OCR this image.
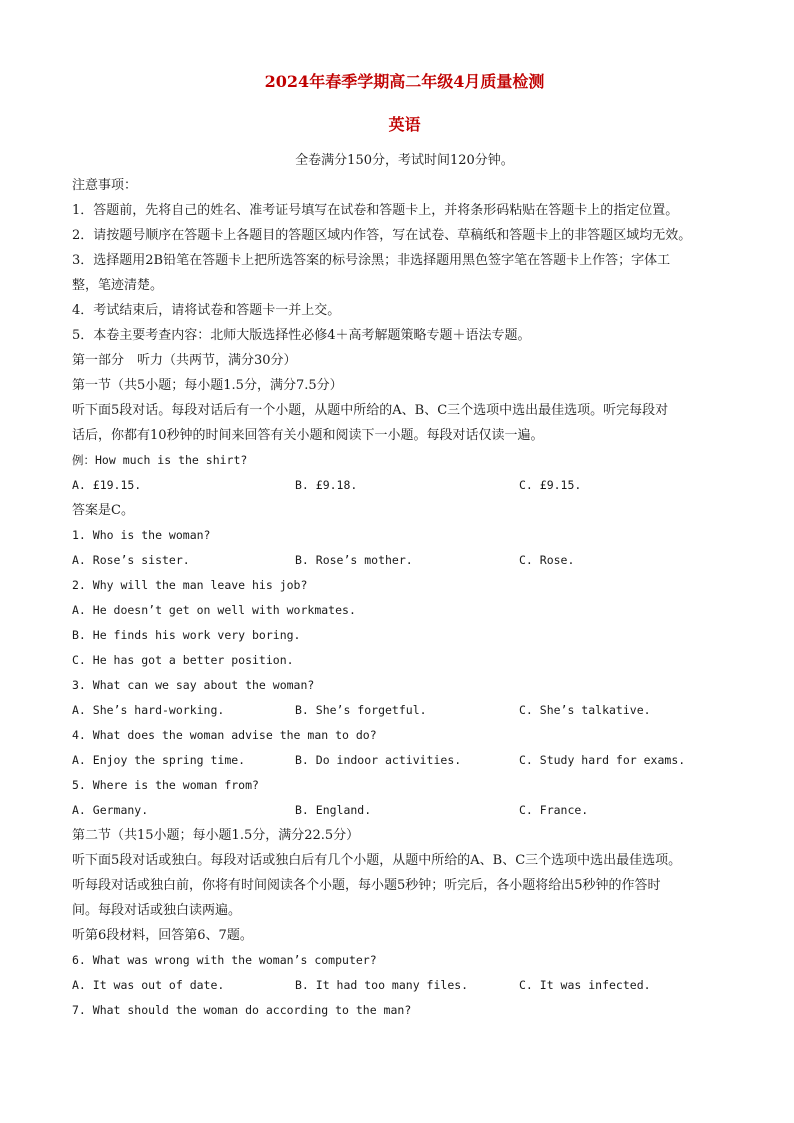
2024年春季学期高二年级4月质量检测
英语
全卷满分150分，考试时间120分钟。
注意事项：
1．答题前，先将自己的姓名、准考证号填写在试卷和答题卡上，并将条形码粘贴在答题卡上的指定位置。
2．请按题号顺序在答题卡上各题目的答题区域内作答，写在试卷、草稿纸和答题卡上的非答题区域均无效。
3．选择题用2B铅笔在答题卡上把所选答案的标号涂黑；非选择题用黑色签字笔在答题卡上作答；字体工
整，笔迹清楚。
4．考试结束后，请将试卷和答题卡一并上交。
5．本卷主要考查内容：北师大版选择性必修4＋高考解题策略专题＋语法专题。
第一部分　听力（共两节，满分30分）
第一节（共5小题；每小题1.5分，满分7.5分）
听下面5段对话。每段对话后有一个小题，从题中所给的A、B、C三个选项中选出最佳选项。听完每段对
话后，你都有10秒钟的时间来回答有关小题和阅读下一小题。每段对话仅读一遍。
例：How much is the shirt?
A. £19.15.	B. £9.18.	C. £9.15.
答案是C。
1. Who is the woman?
A. Rose’s sister.	B. Rose’s mother.	C. Rose.
2. Why will the man leave his job?
A. He doesn’t get on well with workmates.
B. He finds his work very boring.
C. He has got a better position.
3. What can we say about the woman?
A. She’s hard-working.	B. She’s forgetful.	C. She’s talkative.
4. What does the woman advise the man to do?
A. Enjoy the spring time.	B. Do indoor activities.	C. Study hard for exams.
5. Where is the woman from?
A. Germany.	B. England.	C. France.
第二节（共15小题；每小题1.5分，满分22.5分）
听下面5段对话或独白。每段对话或独白后有几个小题，从题中所给的A、B、C三个选项中选出最佳选项。
听每段对话或独白前，你将有时间阅读各个小题，每小题5秒钟；听完后，各小题将给出5秒钟的作答时
间。每段对话或独白读两遍。
听第6段材料，回答第6、7题。
6. What was wrong with the woman’s computer?
A. It was out of date.	B. It had too many files.	C. It was infected.
7. What should the woman do according to the man?
